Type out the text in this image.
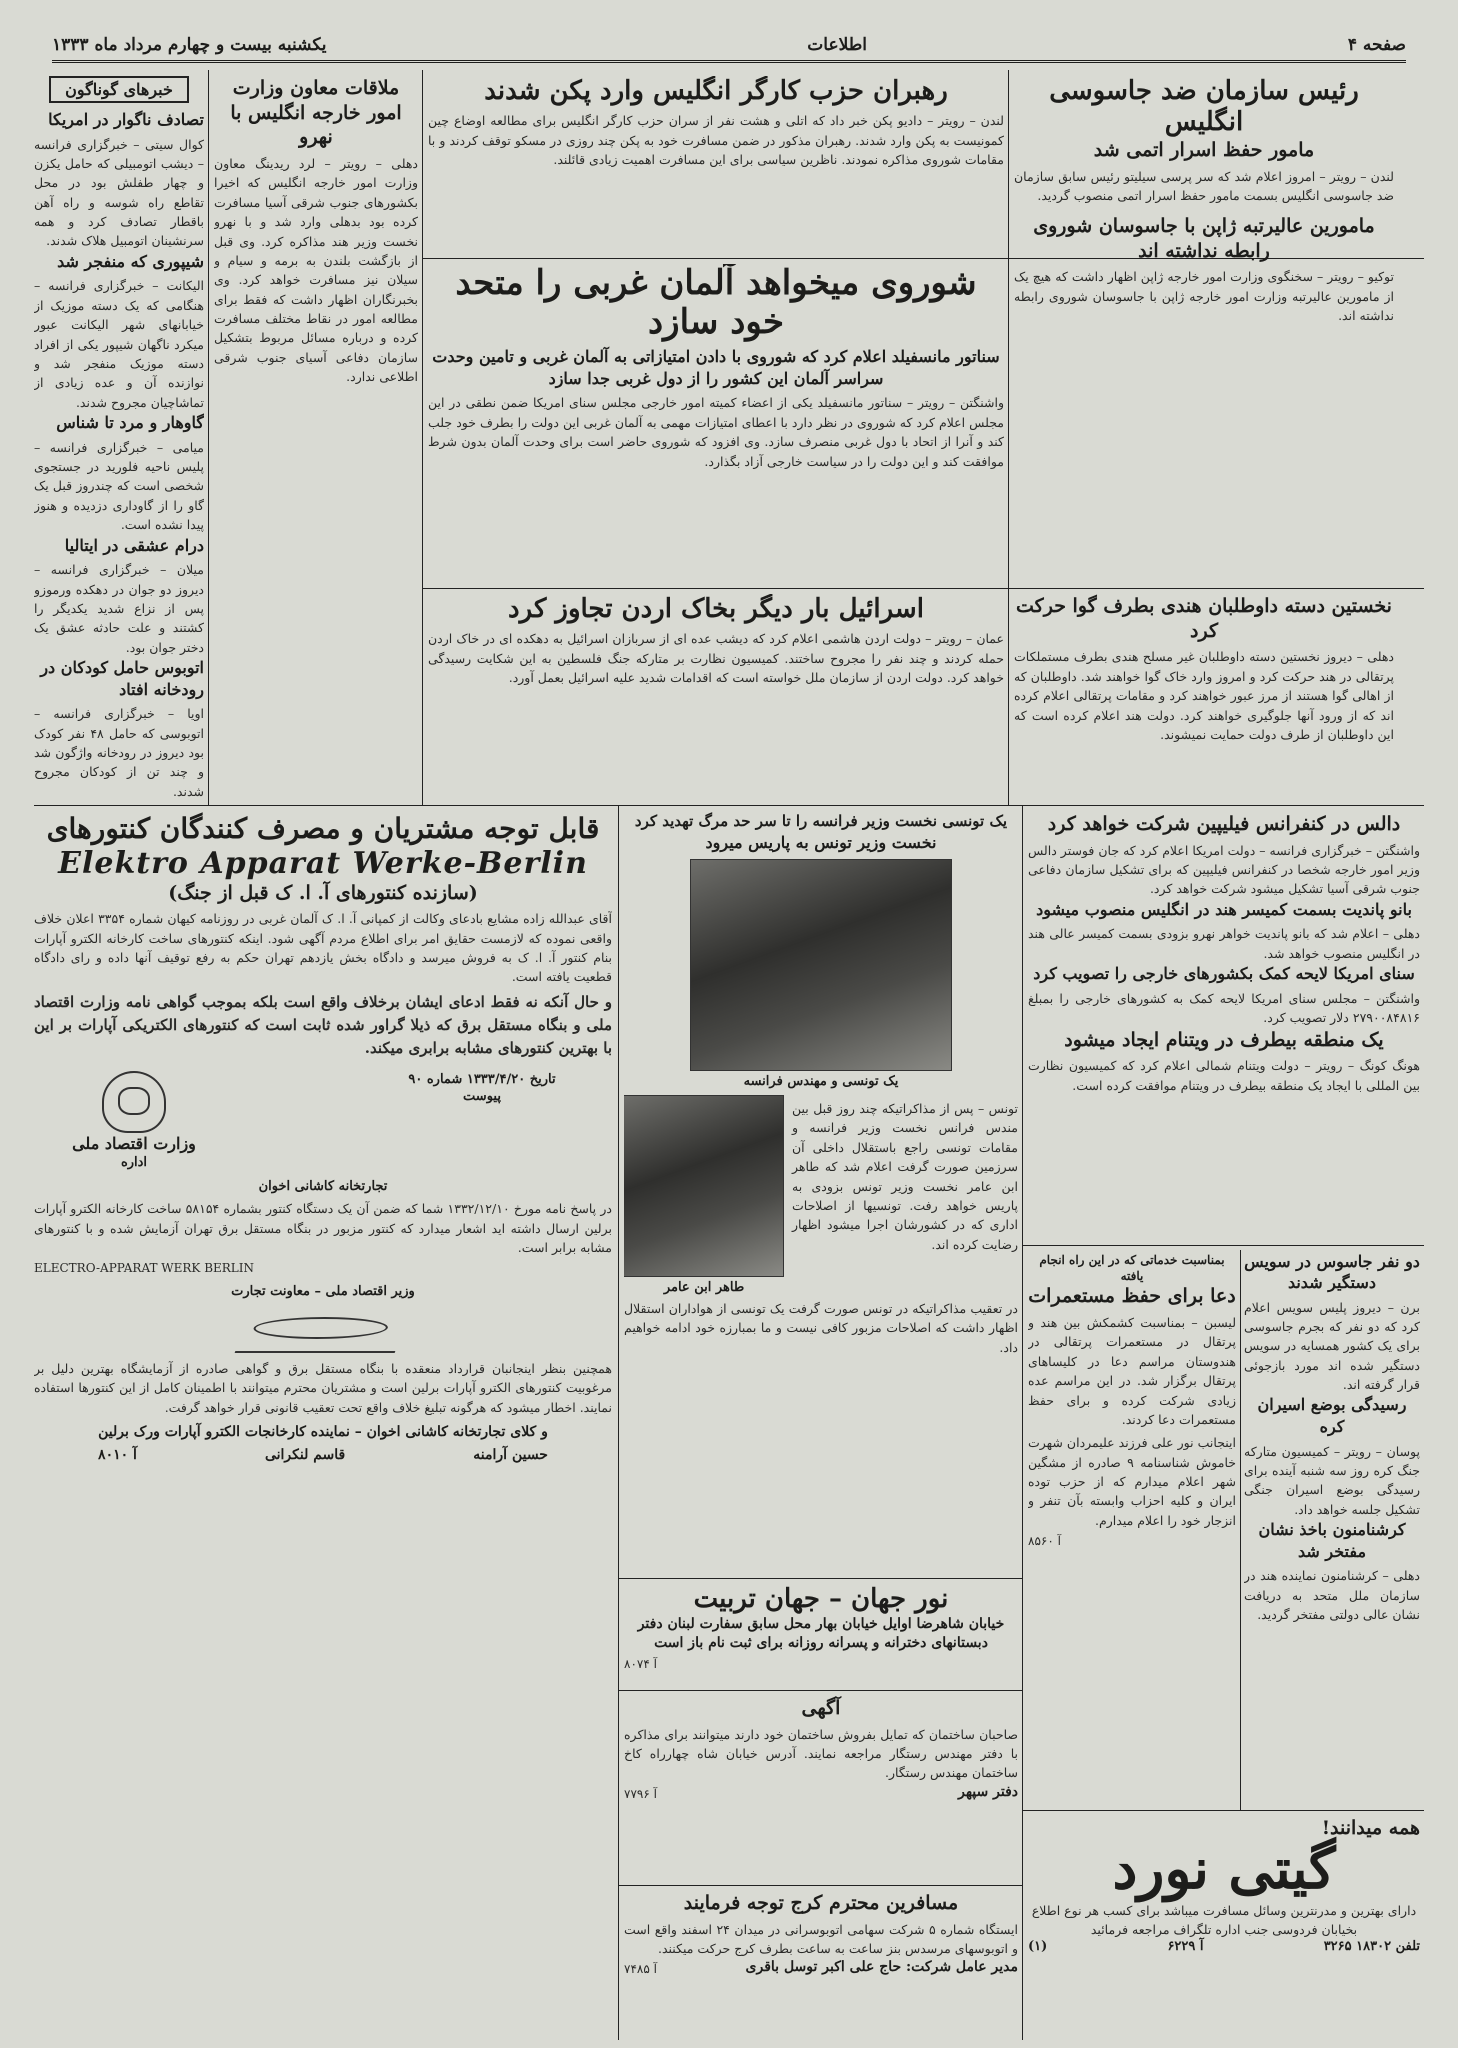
صفحه ۴
اطلاعات
یکشنبه بیست و چهارم مرداد ماه ۱۳۳۳
خبرهای گوناگون
تصادف ناگوار در امریکا

کوال سیتی – خبرگزاری فرانسه – دیشب اتومبیلی که حامل یکزن و چهار طفلش بود در محل تقاطع راه شوسه و راه آهن باقطار تصادف کرد و همه سرنشینان اتومبیل هلاک شدند.

شیپوری که منفجر شد

الیکانت – خبرگزاری فرانسه – هنگامی که یک دسته موزیک از خیابانهای شهر الیکانت عبور میکرد ناگهان شیپور یکی از افراد دسته موزیک منفجر شد و نوازنده آن و عده زیادی از تماشاچیان مجروح شدند.

گاوهار و مرد تا شناس

میامی – خبرگزاری فرانسه – پلیس ناحیه فلورید در جستجوی شخصی است که چندروز قبل یک گاو را از گاوداری دزدیده و هنوز پیدا نشده است.

درام عشقی در ایتالیا

میلان – خبرگزاری فرانسه – دیروز دو جوان در دهکده ورموزو پس از نزاع شدید یکدیگر را کشتند و علت حادثه عشق یک دختر جوان بود.

اتوبوس حامل کودکان در رودخانه افتاد

اویا – خبرگزاری فرانسه – اتوبوسی که حامل ۴۸ نفر کودک بود دیروز در رودخانه واژگون شد و چند تن از کودکان مجروح شدند.

ملاقات معاون وزارت امور خارجه انگلیس با نهرو

دهلی – رویتر – لرد ریدینگ معاون وزارت امور خارجه انگلیس که اخیرا بکشورهای جنوب شرقی آسیا مسافرت کرده بود بدهلی وارد شد و با نهرو نخست وزیر هند مذاکره کرد. وی قبل از بازگشت بلندن به برمه و سیام و سیلان نیز مسافرت خواهد کرد. وی بخبرنگاران اظهار داشت که فقط برای مطالعه امور در نقاط مختلف مسافرت کرده و درباره مسائل مربوط بتشکیل سازمان دفاعی آسیای جنوب شرقی اطلاعی ندارد.

رهبران حزب کارگر انگلیس وارد پکن شدند

لندن – رویتر – دادیو پکن خبر داد که اتلی و هشت نفر از سران حزب کارگر انگلیس برای مطالعه اوضاع چین کمونیست به پکن وارد شدند. رهبران مذکور در ضمن مسافرت خود به پکن چند روزی در مسکو توقف کردند و با مقامات شوروی مذاکره نمودند. ناظرین سیاسی برای این مسافرت اهمیت زیادی قائلند.

رئیس سازمان ضد جاسوسی انگلیس
مامور حفظ اسرار اتمی شد

لندن – رویتر – امروز اعلام شد که سر پرسی سیلیتو رئیس سابق سازمان ضد جاسوسی انگلیس بسمت مامور حفظ اسرار اتمی منصوب گردید.

مامورین عالیرتبه ژاپن با جاسوسان شوروی رابطه نداشته اند

توکیو – رویتر – سخنگوی وزارت امور خارجه ژاپن اظهار داشت که هیچ یک از مامورین عالیرتبه وزارت امور خارجه ژاپن با جاسوسان شوروی رابطه نداشته اند.

شوروی میخواهد آلمان غربی را متحد خود سازد
سناتور مانسفیلد اعلام کرد که شوروی با دادن امتیازاتی به آلمان غربی و تامین وحدت سراسر آلمان این کشور را از دول غربی جدا سازد

واشنگتن – رویتر – سناتور مانسفیلد یکی از اعضاء کمیته امور خارجی مجلس سنای امریکا ضمن نطقی در این مجلس اعلام کرد که شوروی در نظر دارد با اعطای امتیازات مهمی به آلمان غربی این دولت را بطرف خود جلب کند و آنرا از اتحاد با دول غربی منصرف سازد. وی افزود که شوروی حاضر است برای وحدت آلمان بدون شرط موافقت کند و این دولت را در سیاست خارجی آزاد بگذارد.

نخستین دسته داوطلبان هندی بطرف گوا حرکت کرد

دهلی – دیروز نخستین دسته داوطلبان غیر مسلح هندی بطرف مستملکات پرتقالی در هند حرکت کرد و امروز وارد خاک گوا خواهند شد. داوطلبان که از اهالی گوا هستند از مرز عبور خواهند کرد و مقامات پرتقالی اعلام کرده اند که از ورود آنها جلوگیری خواهند کرد. دولت هند اعلام کرده است که این داوطلبان از طرف دولت حمایت نمیشوند.

اسرائیل بار دیگر بخاک اردن تجاوز کرد

عمان – رویتر – دولت اردن هاشمی اعلام کرد که دیشب عده ای از سربازان اسرائیل به دهکده ای در خاک اردن حمله کردند و چند نفر را مجروح ساختند. کمیسیون نظارت بر متارکه جنگ فلسطین به این شکایت رسیدگی خواهد کرد. دولت اردن از سازمان ملل خواسته است که اقدامات شدید علیه اسرائیل بعمل آورد.

قابل توجه مشتریان و مصرف کنندگان کنتورهای
Elektro Apparat Werke-Berlin
(سازنده کنتورهای آ. ا. ک قبل از جنگ)

آقای عبدالله زاده مشایع بادعای وکالت از کمپانی آ. ا. ک آلمان غربی در روزنامه کیهان شماره ۳۳۵۴ اعلان خلاف واقعی نموده که لازمست حقایق امر برای اطلاع مردم آگهی شود. اینکه کنتورهای ساخت کارخانه الکترو آپارات بنام کنتور آ. ا. ک به فروش میرسد و دادگاه بخش یازدهم تهران حکم به رفع توقیف آنها داده و رای دادگاه قطعیت یافته است.

و حال آنکه نه فقط ادعای ایشان برخلاف واقع است بلکه بموجب گواهی نامه وزارت اقتصاد ملی و بنگاه مستقل برق که ذیلا گراور شده ثابت است که کنتورهای الکتریکی آپارات بر این با بهترین کنتورهای مشابه برابری میکند.

تاریخ ۱۳۳۳/۴/۲۰ شماره ۹۰
پیوست
وزارت اقتصاد ملی
اداره
تجارتخانه کاشانی اخوان

در پاسخ نامه مورخ ۱۳۳۲/۱۲/۱۰ شما که ضمن آن یک دستگاه کنتور بشماره ۵۸۱۵۴ ساخت کارخانه الکترو آپارات برلین ارسال داشته اید اشعار میدارد که کنتور مزبور در بنگاه مستقل برق تهران آزمایش شده و با کنتورهای مشابه برابر است.

ELECTRO-APPARAT WERK BERLIN
وزیر اقتصاد ملی – معاونت تجارت

همچنین بنظر اینجانبان قرارداد منعقده با بنگاه مستقل برق و گواهی صادره از آزمایشگاه بهترین دلیل بر مرغوبیت کنتورهای الکترو آپارات برلین است و مشتریان محترم میتوانند با اطمینان کامل از این کنتورها استفاده نمایند. اخطار میشود که هرگونه تبلیغ خلاف واقع تحت تعقیب قانونی قرار خواهد گرفت.

و کلای تجارتخانه کاشانی اخوان – نماینده کارخانجات الکترو آپارات ورک برلین
حسین آرامنه
قاسم لنکرانی
آ ۸۰۱۰
یک تونسی نخست وزیر فرانسه را تا سر حد مرگ تهدید کرد
نخست وزیر تونس به پاریس میرود
یک تونسی و مهندس فرانسه

تونس – پس از مذاکراتیکه چند روز قبل بین مندس فرانس نخست وزیر فرانسه و مقامات تونسی راجع باستقلال داخلی آن سرزمین صورت گرفت اعلام شد که طاهر ابن عامر نخست وزیر تونس بزودی به پاریس خواهد رفت. تونسیها از اصلاحات اداری که در کشورشان اجرا میشود اظهار رضایت کرده اند.

طاهر ابن عامر

در تعقیب مذاکراتیکه در تونس صورت گرفت یک تونسی از هواداران استقلال اظهار داشت که اصلاحات مزبور کافی نیست و ما بمبارزه خود ادامه خواهیم داد.

نور جهان – جهان تربیت
خیابان شاهرضا اوایل خیابان بهار محل سابق سفارت لبنان دفتر دبستانهای دخترانه و پسرانه روزانه برای ثبت نام باز است
آ ۸۰۷۴
آگهی

صاحبان ساختمان که تمایل بفروش ساختمان خود دارند میتوانند برای مذاکره با دفتر مهندس رستگار مراجعه نمایند. آدرس خیابان شاه چهارراه کاخ ساختمان مهندس رستگار.

دفتر سپهر
آ ۷۷۹۶
مسافرین محترم کرج توجه فرمایند

ایستگاه شماره ۵ شرکت سهامی اتوبوسرانی در میدان ۲۴ اسفند واقع است و اتوبوسهای مرسدس بنز ساعت به ساعت بطرف کرج حرکت میکنند.

مدیر عامل شرکت: حاج علی اکبر توسل باقری
آ ۷۴۸۵
دالس در کنفرانس فیلیپین شرکت خواهد کرد

واشنگتن – خبرگزاری فرانسه – دولت امریکا اعلام کرد که جان فوستر دالس وزیر امور خارجه شخصا در کنفرانس فیلیپین که برای تشکیل سازمان دفاعی جنوب شرقی آسیا تشکیل میشود شرکت خواهد کرد.

بانو پاندیت بسمت کمیسر هند در انگلیس منصوب میشود

دهلی – اعلام شد که بانو پاندیت خواهر نهرو بزودی بسمت کمیسر عالی هند در انگلیس منصوب خواهد شد.

سنای امریکا لایحه کمک بکشورهای خارجی را تصویب کرد

واشنگتن – مجلس سنای امریکا لایحه کمک به کشورهای خارجی را بمبلغ ۲۷۹۰۰۸۴۸۱۶ دلار تصویب کرد.

یک منطقه بیطرف در ویتنام ایجاد میشود

هونگ کونگ – رویتر – دولت ویتنام شمالی اعلام کرد که کمیسیون نظارت بین المللی با ایجاد یک منطقه بیطرف در ویتنام موافقت کرده است.

بمناسبت خدماتی که در این راه انجام یافته
دعا برای حفظ مستعمرات

لیسبن – بمناسبت کشمکش بین هند و پرتقال در مستعمرات پرتقالی در هندوستان مراسم دعا در کلیساهای پرتقال برگزار شد. در این مراسم عده زیادی شرکت کرده و برای حفظ مستعمرات دعا کردند.

اینجانب نور علی فرزند علیمردان شهرت خاموش شناسنامه ۹ صادره از مشگین شهر اعلام میدارم که از حزب توده ایران و کلیه احزاب وابسته بآن تنفر و انزجار خود را اعلام میدارم.

آ ۸۵۶۰
دو نفر جاسوس در سویس دستگیر شدند

برن – دیروز پلیس سویس اعلام کرد که دو نفر که بجرم جاسوسی برای یک کشور همسایه در سویس دستگیر شده اند مورد بازجوئی قرار گرفته اند.

رسیدگی بوضع اسیران کره

پوسان – رویتر – کمیسیون متارکه جنگ کره روز سه شنبه آینده برای رسیدگی بوضع اسیران جنگی تشکیل جلسه خواهد داد.

کرشنامنون باخذ نشان مفتخر شد

دهلی – کرشنامنون نماینده هند در سازمان ملل متحد به دریافت نشان عالی دولتی مفتخر گردید.

همه میدانند!
گیتی نورد

دارای بهترین و مدرنترین وسائل مسافرت میباشد برای کسب هر نوع اطلاع بخیابان فردوسی جنب اداره تلگراف مراجعه فرمائید

تلفن ۱۸۳۰۲ ۳۲۶۵
آ ۶۲۲۹
(۱)
